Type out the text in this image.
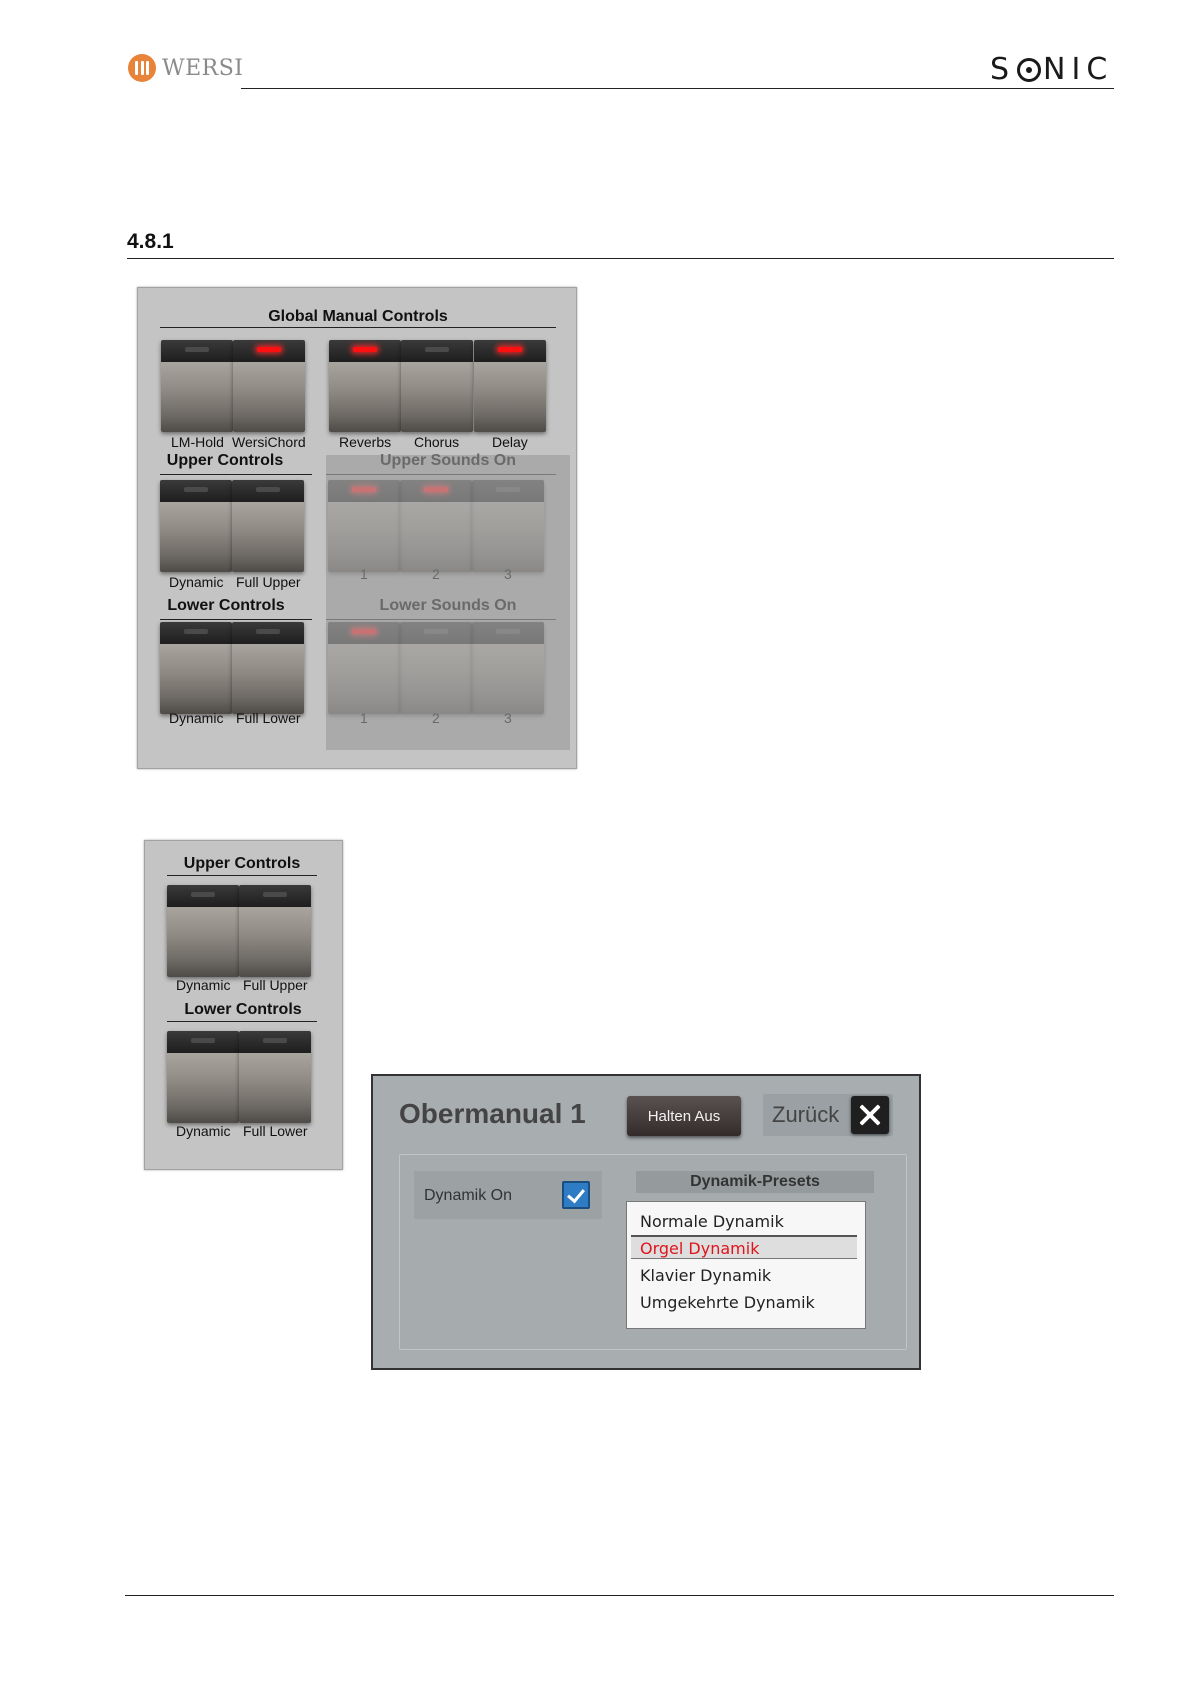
WERSI	S NIC
4.8.1
Global Manual Controls
Upper Controls
Lower Controls
Upper Sounds On
Lower Sounds On
LM-Hold WersiChord Reverbs Chorus Delay
Dynamic Full Upper	1	2	3
Dynamic Full Lower	1	2	3
Upper Controls
Lower Controls
Dynamic Full Upper
Dynamic Full Lower
Obermanual 1	Halten Aus	Zurück
Dynamik On
Dynamik-Presets
Normale Dynamik
Orgel Dynamik
Klavier Dynamik
Umgekehrte Dynamik
